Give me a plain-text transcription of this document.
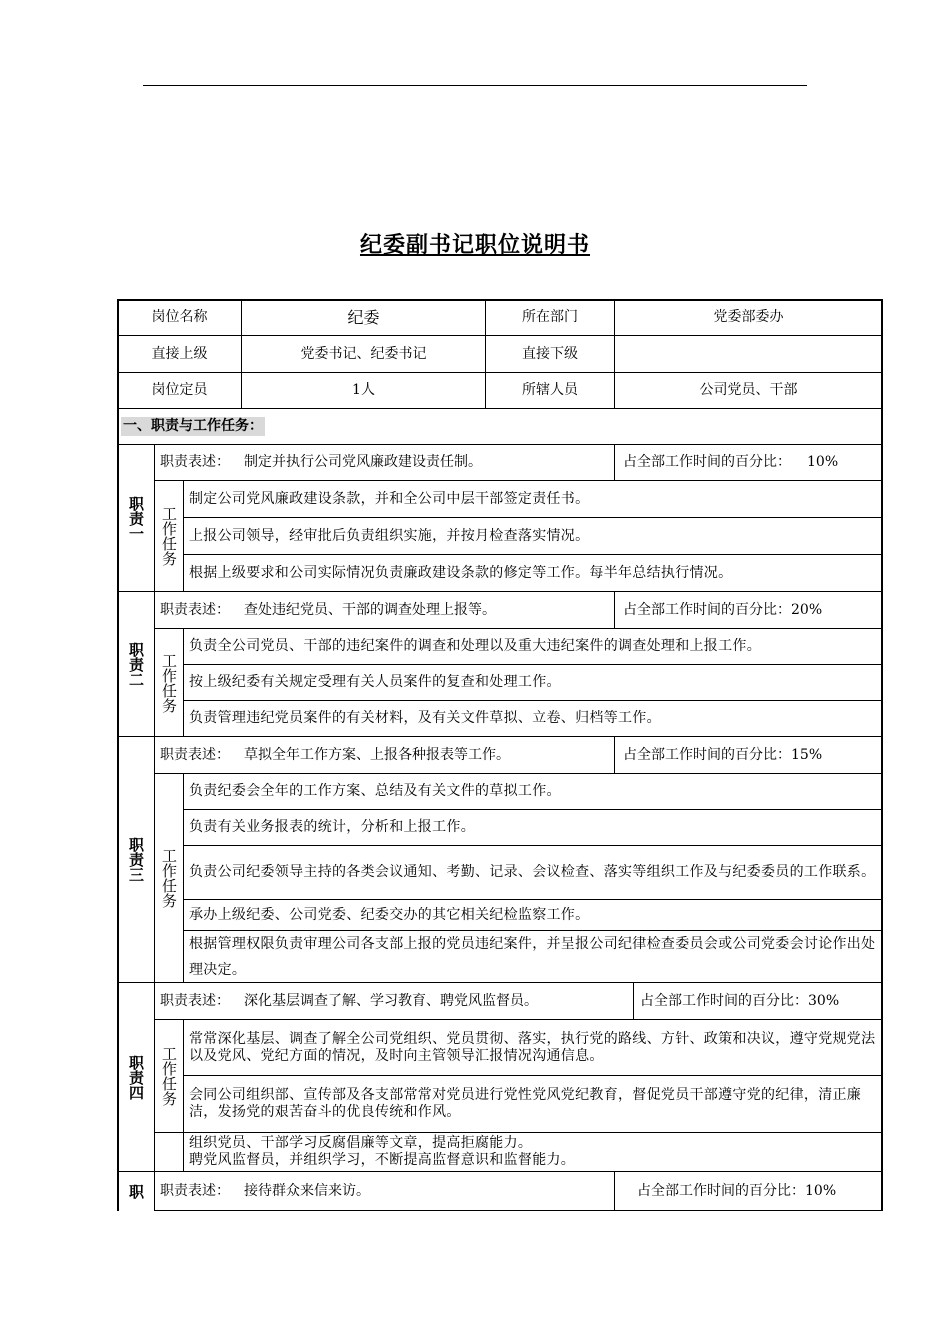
纪委副书记职位说明书
岗位名称	纪委	所在部门	党委部委办
直接上级	党委书记、纪委书记	直接下级
岗位定员	1人	所辖人员	公司党员、干部
一、职责与工作任务：
职责一
职责表述： 制定并执行公司党风廉政建设责任制。	占全部工作时间的百分比： 10%
工作任务
制定公司党风廉政建设条款，并和全公司中层干部签定责任书。
上报公司领导，经审批后负责组织实施，并按月检查落实情况。
根据上级要求和公司实际情况负责廉政建设条款的修定等工作。每半年总结执行情况。
职责二
职责表述： 查处违纪党员、干部的调查处理上报等。	占全部工作时间的百分比： 20%
工作任务
负责全公司党员、干部的违纪案件的调查和处理以及重大违纪案件的调查处理和上报工作。
按上级纪委有关规定受理有关人员案件的复查和处理工作。
负责管理违纪党员案件的有关材料，及有关文件草拟、立卷、归档等工作。
职责三
职责表述： 草拟全年工作方案、上报各种报表等工作。	占全部工作时间的百分比： 15%
工作任务
负责纪委会全年的工作方案、总结及有关文件的草拟工作。
负责有关业务报表的统计，分析和上报工作。
负责公司纪委领导主持的各类会议通知、考勤、记录、会议检查、落实等组织工作及与纪委委员的工作联系。
承办上级纪委、公司党委、纪委交办的其它相关纪检监察工作。
根据管理权限负责审理公司各支部上报的党员违纪案件，并呈报公司纪律检查委员会或公司党委会讨论作出处理决定。
职责四
职责表述： 深化基层调查了解、学习教育、聘党风监督员。	占全部工作时间的百分比： 30%
工作任务
常常深化基层、调查了解全公司党组织、党员贯彻、落实，执行党的路线、方针、政策和决议，遵守党规党法以及党风、党纪方面的情况，及时向主管领导汇报情况沟通信息。
会同公司组织部、宣传部及各支部常常对党员进行党性党风党纪教育，督促党员干部遵守党的纪律，清正廉洁，发扬党的艰苦奋斗的优良传统和作风。
组织党员、干部学习反腐倡廉等文章，提高拒腐能力。
聘党风监督员，并组织学习，不断提高监督意识和监督能力。
职 职责表述： 接待群众来信来访。	占全部工作时间的百分比： 10%
